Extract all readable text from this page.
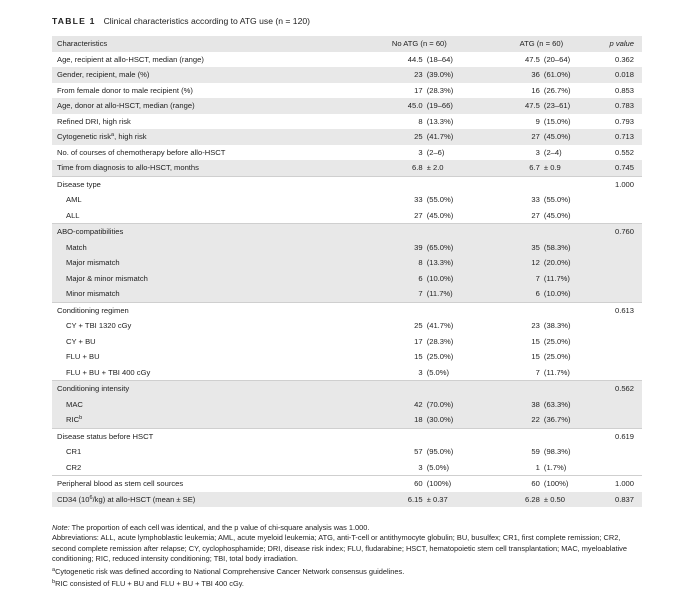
TABLE 1 Clinical characteristics according to ATG use (n = 120)
Characteristics	No ATG (n = 60)		ATG (n = 60)		p value
Age, recipient at allo-HSCT, median (range)	44.5	(18–64)	47.5	(20–64)	0.362
Gender, recipient, male (%)	23	(39.0%)	36	(61.0%)	0.018
From female donor to male recipient (%)	17	(28.3%)	16	(26.7%)	0.853
Age, donor at allo-HSCT, median (range)	45.0	(19–66)	47.5	(23–61)	0.783
Refined DRI, high risk	8	(13.3%)	9	(15.0%)	0.793
Cytogenetic risk$^a$, high risk	25	(41.7%)	27	(45.0%)	0.713
No. of courses of chemotherapy before allo-HSCT	3	(2–6)	3	(2–4)	0.552
Time from diagnosis to allo-HSCT, months	6.8	± 2.0	6.7	± 0.9	0.745
Disease type					1.000
AML	33	(55.0%)	33	(55.0%)	
ALL	27	(45.0%)	27	(45.0%)	
ABO-compatibilities					0.760
Match	39	(65.0%)	35	(58.3%)	
Major mismatch	8	(13.3%)	12	(20.0%)	
Major & minor mismatch	6	(10.0%)	7	(11.7%)	
Minor mismatch	7	(11.7%)	6	(10.0%)	
Conditioning regimen					0.613
CY + TBI 1320 cGy	25	(41.7%)	23	(38.3%)	
CY + BU	17	(28.3%)	15	(25.0%)	
FLU + BU	15	(25.0%)	15	(25.0%)	
FLU + BU + TBI 400 cGy	3	(5.0%)	7	(11.7%)	
Conditioning intensity					0.562
MAC	42	(70.0%)	38	(63.3%)	
RIC$^b$	18	(30.0%)	22	(36.7%)	
Disease status before HSCT					0.619
CR1	57	(95.0%)	59	(98.3%)	
CR2	3	(5.0%)	1	(1.7%)	
Peripheral blood as stem cell sources	60	(100%)	60	(100%)	1.000
CD34 $(10^6/kg)$ at allo-HSCT (mean ± SE)	6.15	± 0.37	6.28	± 0.50	0.837

Note: The proportion of each cell was identical, and the p value of chi-square analysis was 1.000.

Abbreviations: ALL, acute lymphoblastic leukemia; AML, acute myeloid leukemia; ATG, anti-T-cell or antithymocyte globulin; BU, busulfex; CR1, first complete remission; CR2, second complete remission after relapse; CY, cyclophosphamide; DRI, disease risk index; FLU, fludarabine; HSCT, hematopoietic stem cell transplantation; MAC, myeloablative conditioning; RIC, reduced intensity conditioning; TBI, total body irradiation.

$^a$Cytogenetic risk was defined according to National Comprehensive Cancer Network consensus guidelines.

$^b$RIC consisted of FLU + BU and FLU + BU + TBI 400 cGy.
